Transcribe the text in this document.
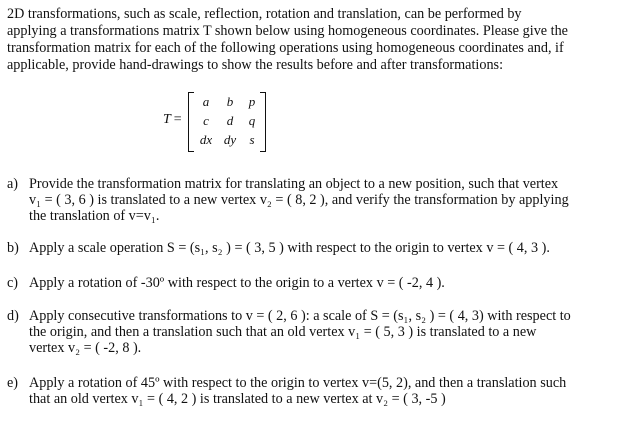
2D transformations, such as scale, reflection, rotation and translation, can be performed by
applying a transformations matrix T shown below using homogeneous coordinates. Please give the
transformation matrix for each of the following operations using homogeneous coordinates and, if
applicable, provide hand-drawings to show the results before and after transformations:
T =
a	b	p
c	d	q
dx dy	s
a) Provide the transformation matrix for translating an object to a new position, such that vertex
v₁ = ( 3, 6 ) is translated to a new vertex v₂ = ( 8, 2 ), and verify the transformation by applying
the translation of v=v₁.
b) Apply a scale operation S = (s₁, s₂ ) = ( 3, 5 ) with respect to the origin to vertex v = ( 4, 3 ).
c) Apply a rotation of -30º with respect to the origin to a vertex v = ( -2, 4 ).
d) Apply consecutive transformations to v = ( 2, 6 ): a scale of S = (s₁, s₂ ) = ( 4, 3) with respect to
the origin, and then a translation such that an old vertex v₁ = ( 5, 3 ) is translated to a new
vertex v₂ = ( -2, 8 ).
e) Apply a rotation of 45º with respect to the origin to vertex v=(5, 2), and then a translation such
that an old vertex v₁ = ( 4, 2 ) is translated to a new vertex at v₂ = ( 3, -5 )
